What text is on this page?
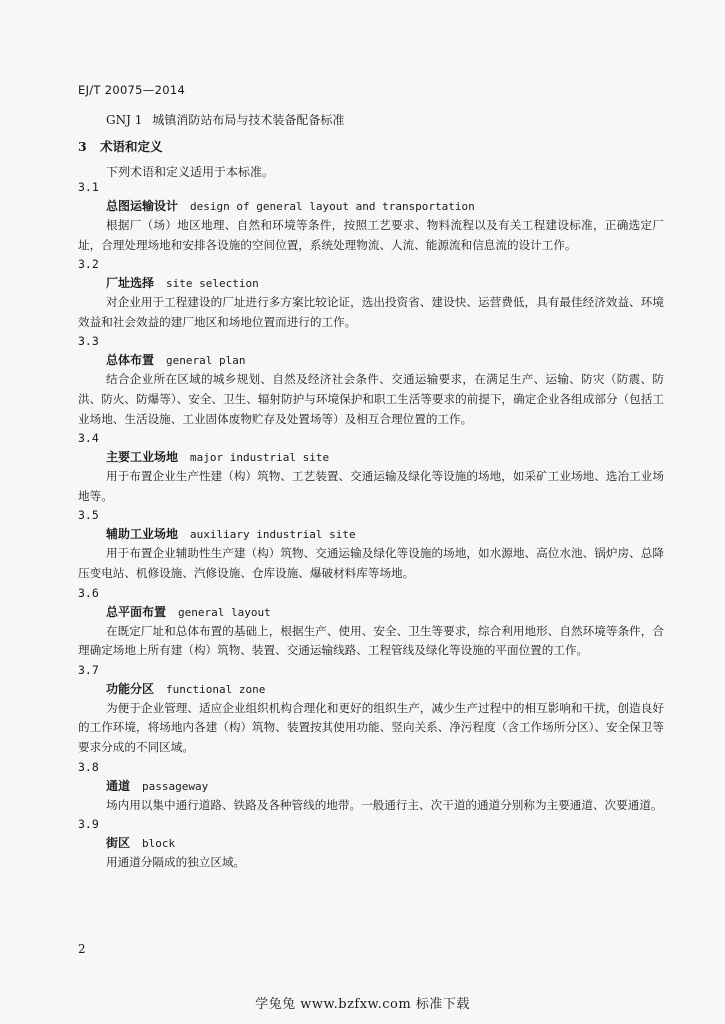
EJ/T 20075—2014
GNJ 1 城镇消防站布局与技术装备配备标准
3 术语和定义
下列术语和定义适用于本标准。
3.1
总图运输设计 design of general layout and transportation

根据厂（场）地区地理、自然和环境等条件，按照工艺要求、物料流程以及有关工程建设标准，正确选定厂址，合理处理场地和安排各设施的空间位置，系统处理物流、人流、能源流和信息流的设计工作。

3.2
厂址选择 site selection

对企业用于工程建设的厂址进行多方案比较论证，选出投资省、建设快、运营费低，具有最佳经济效益、环境效益和社会效益的建厂地区和场地位置而进行的工作。

3.3
总体布置 general plan

结合企业所在区域的城乡规划、自然及经济社会条件、交通运输要求，在满足生产、运输、防灾（防震、防洪、防火、防爆等）、安全、卫生、辐射防护与环境保护和职工生活等要求的前提下，确定企业各组成部分（包括工业场地、生活设施、工业固体废物贮存及处置场等）及相互合理位置的工作。

3.4
主要工业场地 major industrial site

用于布置企业生产性建（构）筑物、工艺装置、交通运输及绿化等设施的场地，如采矿工业场地、选冶工业场地等。

3.5
辅助工业场地 auxiliary industrial site

用于布置企业辅助性生产建（构）筑物、交通运输及绿化等设施的场地，如水源地、高位水池、锅炉房、总降压变电站、机修设施、汽修设施、仓库设施、爆破材料库等场地。

3.6
总平面布置 general layout

在既定厂址和总体布置的基础上，根据生产、使用、安全、卫生等要求，综合利用地形、自然环境等条件，合理确定场地上所有建（构）筑物、装置、交通运输线路、工程管线及绿化等设施的平面位置的工作。

3.7
功能分区 functional zone

为便于企业管理、适应企业组织机构合理化和更好的组织生产，减少生产过程中的相互影响和干扰，创造良好的工作环境，将场地内各建（构）筑物、装置按其使用功能、竖向关系、净污程度（含工作场所分区）、安全保卫等要求分成的不同区域。

3.8
通道 passageway

场内用以集中通行道路、铁路及各种管线的地带。一般通行主、次干道的通道分别称为主要通道、次要通道。

3.9
街区 block

用通道分隔成的独立区域。

2
学兔兔 www.bzfxw.com 标准下载
